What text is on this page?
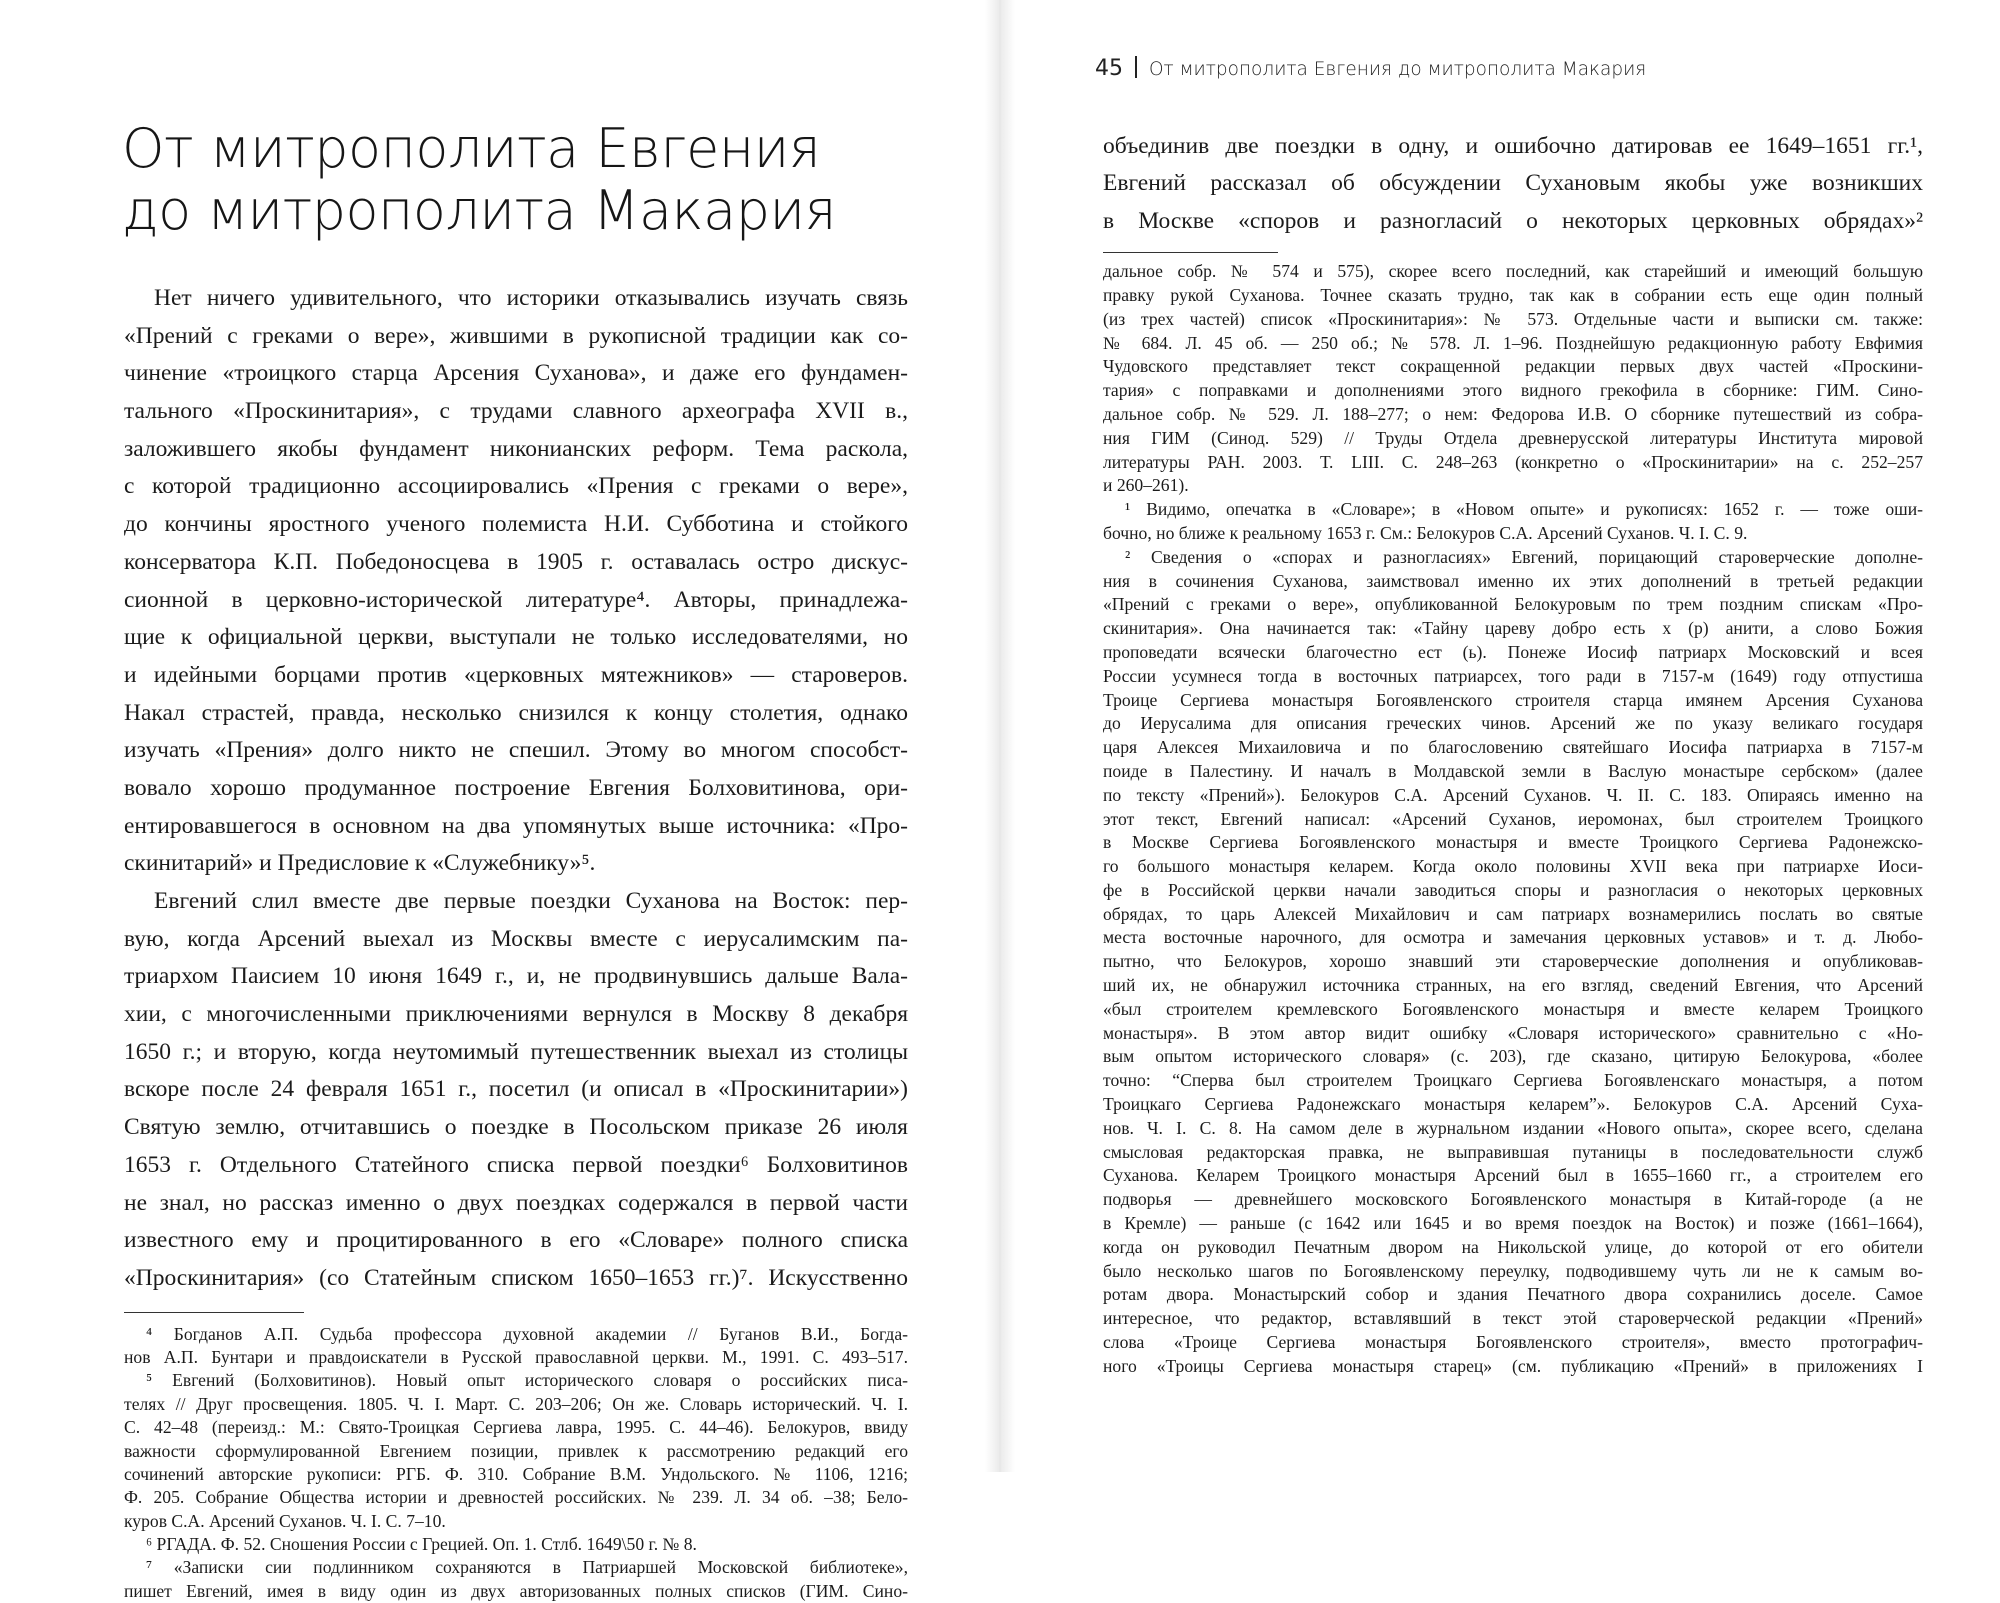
От митрополита Евгения
до митрополита Макария
Нет ничего удивительного, что историки отказывались изучать связь
«Прений с греками о вере», жившими в рукописной традиции как со-
чинение «троицкого старца Арсения Суханова», и даже его фундамен-
тального «Проскинитария», с трудами славного археографа XVII в.,
заложившего якобы фундамент никонианских реформ. Тема раскола,
с которой традиционно ассоциировались «Прения с греками о вере»,
до кончины яростного ученого полемиста Н.И. Субботина и стойкого
консерватора К.П. Победоносцева в 1905 г. оставалась остро дискус-
сионной в церковно-исторической литературе⁴. Авторы, принадлежа-
щие к официальной церкви, выступали не только исследователями, но
и идейными борцами против «церковных мятежников» — староверов.
Накал страстей, правда, несколько снизился к концу столетия, однако
изучать «Прения» долго никто не спешил. Этому во многом способст-
вовало хорошо продуманное построение Евгения Болховитинова, ори-
ентировавшегося в основном на два упомянутых выше источника: «Про-
скинитарий» и Предисловие к «Служебнику»⁵.
Евгений слил вместе две первые поездки Суханова на Восток: пер-
вую, когда Арсений выехал из Москвы вместе с иерусалимским па-
триархом Паисием 10 июня 1649 г., и, не продвинувшись дальше Вала-
хии, с многочисленными приключениями вернулся в Москву 8 декабря
1650 г.; и вторую, когда неутомимый путешественник выехал из столицы
вскоре после 24 февраля 1651 г., посетил (и описал в «Проскинитарии»)
Святую землю, отчитавшись о поездке в Посольском приказе 26 июля
1653 г. Отдельного Статейного списка первой поездки⁶ Болховитинов
не знал, но рассказ именно о двух поездках содержался в первой части
известного ему и процитированного в его «Словаре» полного списка
«Проскинитария» (со Статейным списком 1650–1653 гг.)⁷. Искусственно
⁴ Богданов А.П. Судьба профессора духовной академии // Буганов В.И., Богда-
нов А.П. Бунтари и правдоискатели в Русской православной церкви. М., 1991. С. 493–517.
⁵ Евгений (Болховитинов). Новый опыт исторического словаря о российских писа-
телях // Друг просвещения. 1805. Ч. I. Март. С. 203–206; Он же. Словарь исторический. Ч. I.
С. 42–48 (переизд.: М.: Свято-Троицкая Сергиева лавра, 1995. С. 44–46). Белокуров, ввиду
важности сформулированной Евгением позиции, привлек к рассмотрению редакций его
сочинений авторские рукописи: РГБ. Ф. 310. Собрание В.М. Ундольского. № 1106, 1216;
Ф. 205. Собрание Общества истории и древностей российских. № 239. Л. 34 об. –38; Бело-
куров С.А. Арсений Суханов. Ч. I. С. 7–10.
⁶ РГАДА. Ф. 52. Сношения России с Грецией. Оп. 1. Стлб. 1649\50 г. № 8.
⁷ «Записки сии подлинником сохраняются в Патриаршей Московской библиотеке»,
пишет Евгений, имея в виду один из двух авторизованных полных списков (ГИМ. Сино-
45 От митрополита Евгения до митрополита Макария
объединив две поездки в одну, и ошибочно датировав ее 1649–1651 гг.¹,
Евгений рассказал об обсуждении Сухановым якобы уже возникших
в Москве «споров и разногласий о некоторых церковных обрядах»²
дальное собр. № 574 и 575), скорее всего последний, как старейший и имеющий большую
правку рукой Суханова. Точнее сказать трудно, так как в собрании есть еще один полный
(из трех частей) список «Проскинитария»: № 573. Отдельные части и выписки см. также:
№ 684. Л. 45 об. — 250 об.; № 578. Л. 1–96. Позднейшую редакционную работу Евфимия
Чудовского представляет текст сокращенной редакции первых двух частей «Проскини-
тария» с поправками и дополнениями этого видного грекофила в сборнике: ГИМ. Сино-
дальное собр. № 529. Л. 188–277; о нем: Федорова И.В. О сборнике путешествий из собра-
ния ГИМ (Синод. 529) // Труды Отдела древнерусской литературы Института мировой
литературы РАН. 2003. Т. LIII. С. 248–263 (конкретно о «Проскинитарии» на с. 252–257
и 260–261).
¹ Видимо, опечатка в «Словаре»; в «Новом опыте» и рукописях: 1652 г. — тоже оши-
бочно, но ближе к реальному 1653 г. См.: Белокуров С.А. Арсений Суханов. Ч. I. С. 9.
² Сведения о «спорах и разногласиях» Евгений, порицающий староверческие дополне-
ния в сочинения Суханова, заимствовал именно их этих дополнений в третьей редакции
«Прений с греками о вере», опубликованной Белокуровым по трем поздним спискам «Про-
скинитария». Она начинается так: «Тайну цареву добро есть х (р) анити, а слово Божия
проповедати всячески благочестно ест (ь). Понеже Иосиф патриарх Московский и всея
России усумнеся тогда в восточных патриарсех, того ради в 7157-м (1649) году отпустиша
Троице Сергиева монастыря Богоявленского строителя старца имянем Арсения Суханова
до Иерусалима для описания греческих чинов. Арсений же по указу великаго государя
царя Алексея Михаиловича и по благословению святейшаго Иосифа патриарха в 7157-м
поиде в Палестину. И началъ в Молдавской земли в Васлую монастыре сербском» (далее
по тексту «Прений»). Белокуров С.А. Арсений Суханов. Ч. II. С. 183. Опираясь именно на
этот текст, Евгений написал: «Арсений Суханов, иеромонах, был строителем Троицкого
в Москве Сергиева Богоявленского монастыря и вместе Троицкого Сергиева Радонежско-
го большого монастыря келарем. Когда около половины XVII века при патриархе Иоси-
фе в Российской церкви начали заводиться споры и разногласия о некоторых церковных
обрядах, то царь Алексей Михайлович и сам патриарх вознамерились послать во святые
места восточные нарочного, для осмотра и замечания церковных уставов» и т. д. Любо-
пытно, что Белокуров, хорошо знавший эти староверческие дополнения и опубликовав-
ший их, не обнаружил источника странных, на его взгляд, сведений Евгения, что Арсений
«был строителем кремлевского Богоявленского монастыря и вместе келарем Троицкого
монастыря». В этом автор видит ошибку «Словаря исторического» сравнительно с «Но-
вым опытом исторического словаря» (с. 203), где сказано, цитирую Белокурова, «более
точно: “Сперва был строителем Троицкаго Сергиева Богоявленскаго монастыря, а потом
Троицкаго Сергиева Радонежскаго монастыря келарем”». Белокуров С.А. Арсений Суха-
нов. Ч. I. С. 8. На самом деле в журнальном издании «Нового опыта», скорее всего, сделана
смысловая редакторская правка, не выправившая путаницы в последовательности служб
Суханова. Келарем Троицкого монастыря Арсений был в 1655–1660 гг., а строителем его
подворья — древнейшего московского Богоявленского монастыря в Китай-городе (а не
в Кремле) — раньше (с 1642 или 1645 и во время поездок на Восток) и позже (1661–1664),
когда он руководил Печатным двором на Никольской улице, до которой от его обители
было несколько шагов по Богоявленскому переулку, подводившему чуть ли не к самым во-
ротам двора. Монастырский собор и здания Печатного двора сохранились доселе. Самое
интересное, что редактор, вставлявший в текст этой староверческой редакции «Прений»
слова «Троице Сергиева монастыря Богоявленского строителя», вместо протографич-
ного «Троицы Сергиева монастыря старец» (см. публикацию «Прений» в приложениях I
